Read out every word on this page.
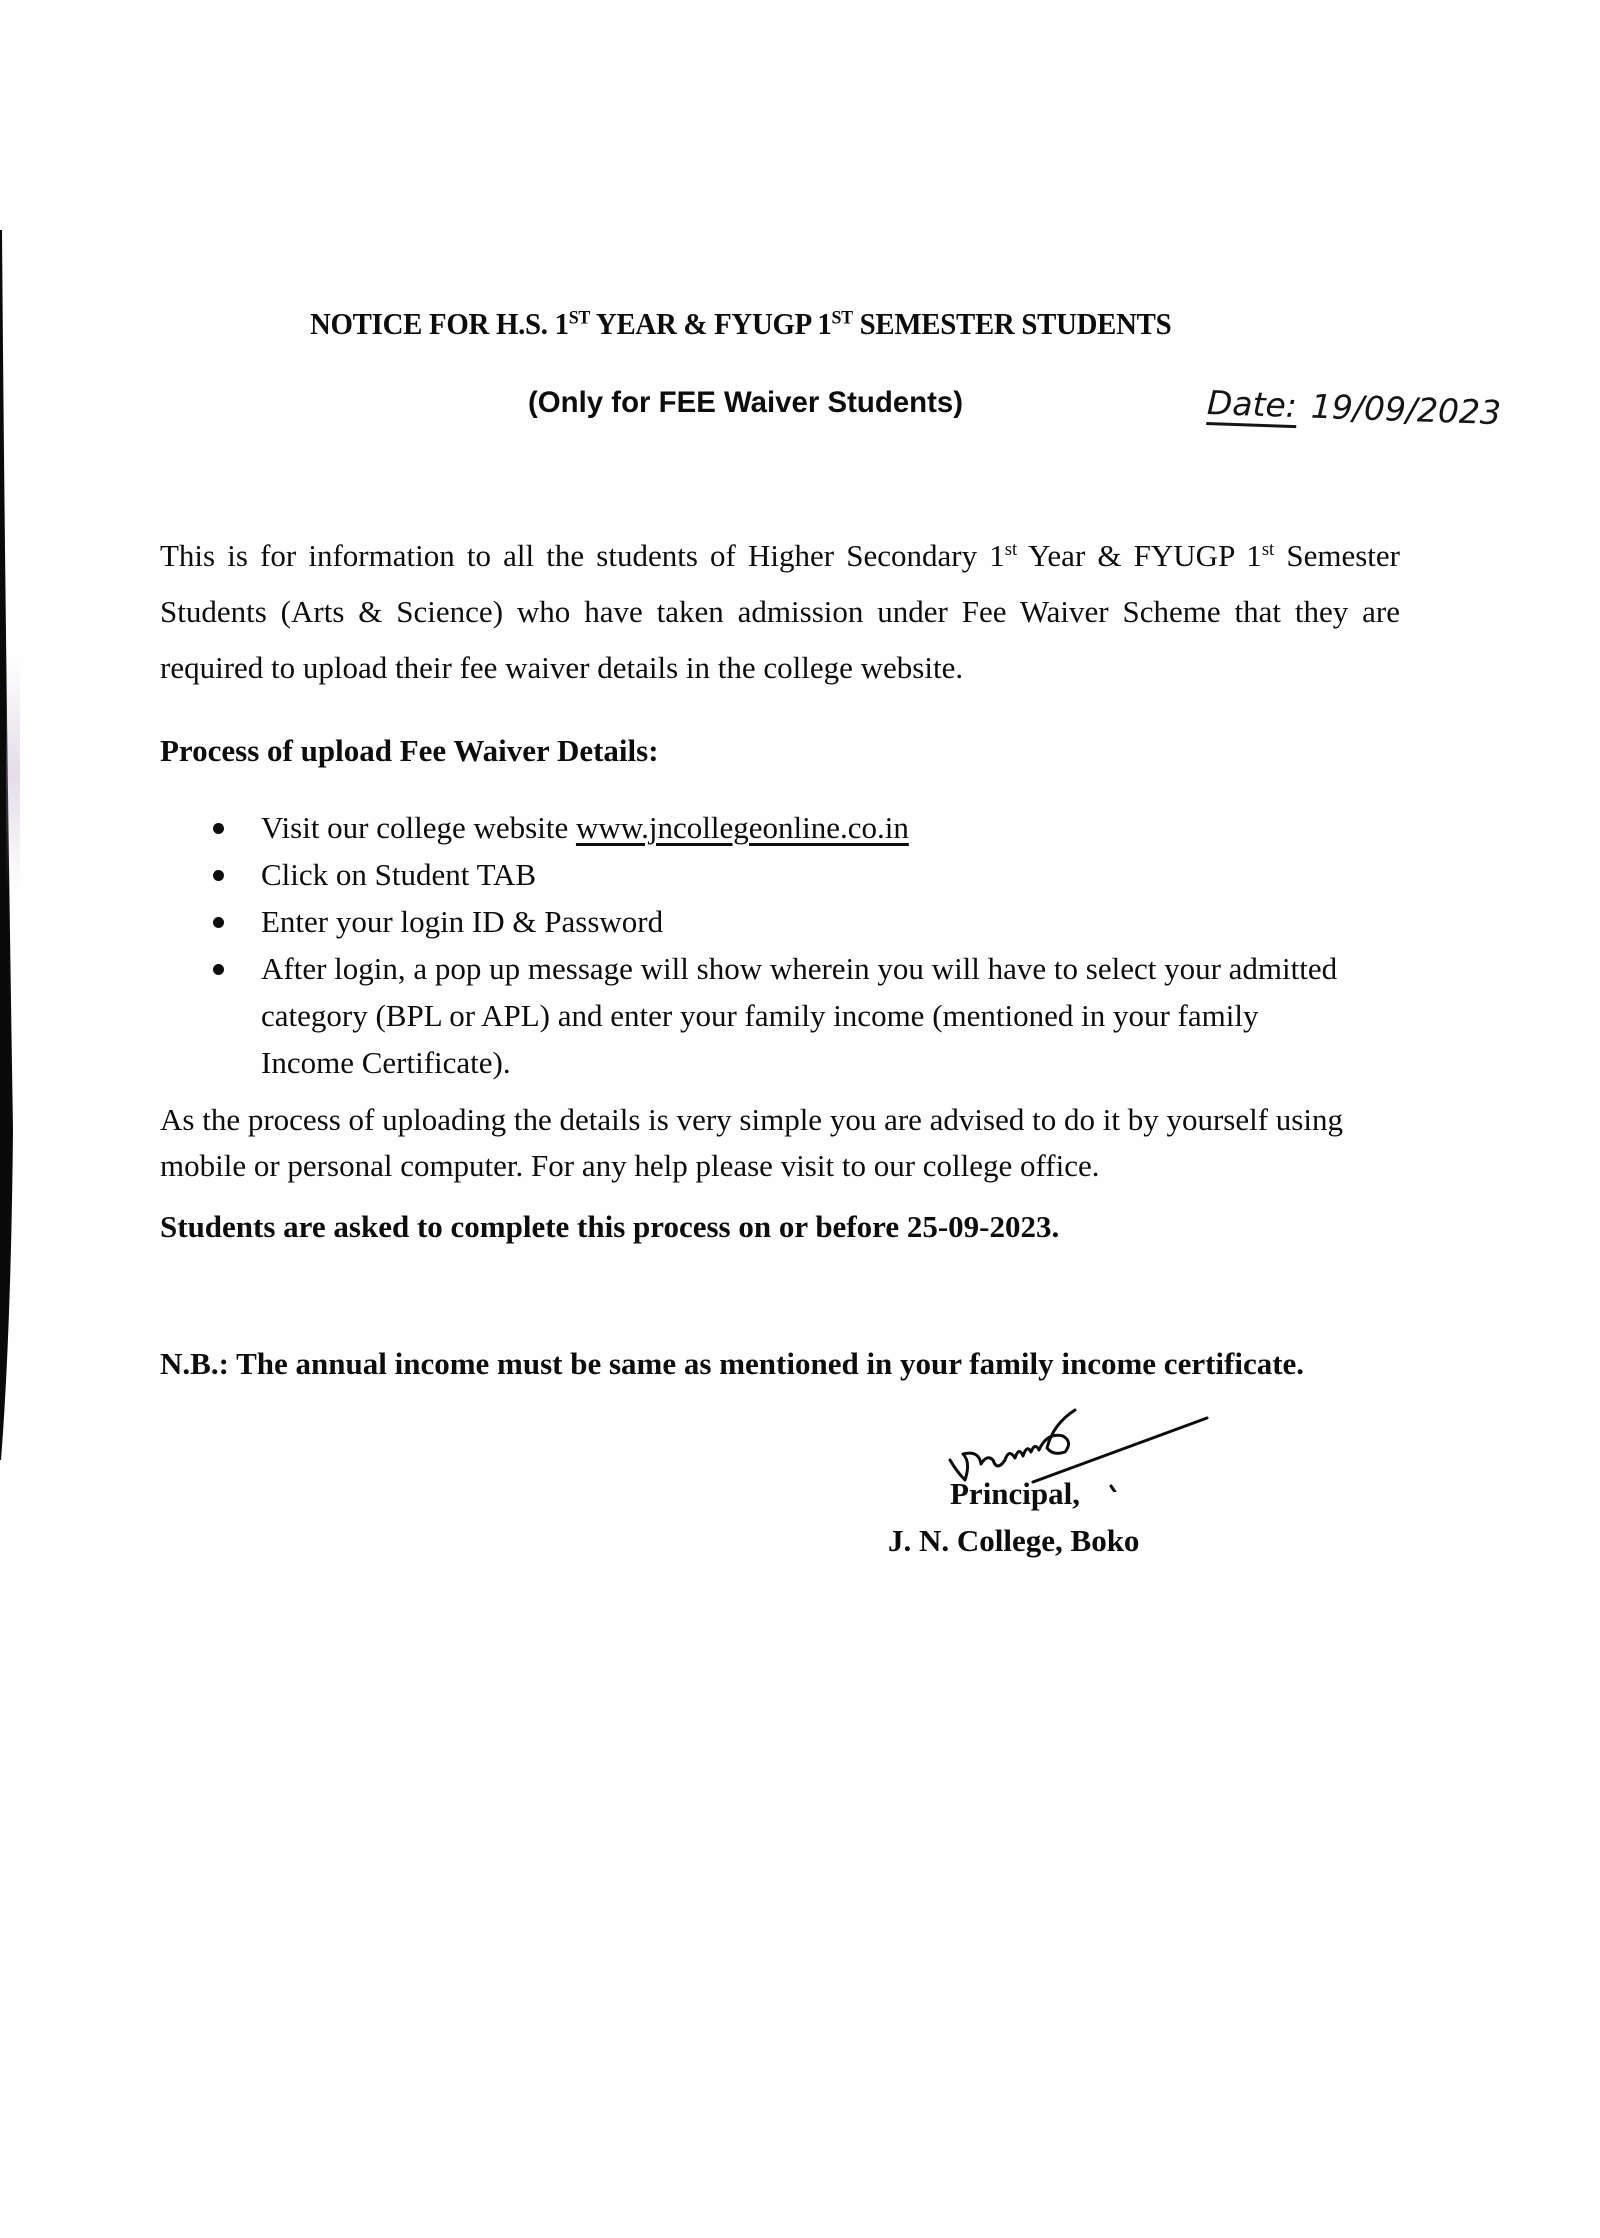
NOTICE FOR H.S. 1ST YEAR & FYUGP 1ST SEMESTER STUDENTS
(Only for FEE Waiver Students)	Date: 19/09/2023

This is for information to all the students of Higher Secondary 1st Year & FYUGP 1st Semester Students (Arts & Science) who have taken admission under Fee Waiver Scheme that they are required to upload their fee waiver details in the college website.

Process of upload Fee Waiver Details:

Visit our college website www.jncollegeonline.co.in
Click on Student TAB
Enter your login ID & Password
After login, a pop up message will show wherein you will have to select your admitted category (BPL or APL) and enter your family income (mentioned in your family Income Certificate).

As the process of uploading the details is very simple you are advised to do it by yourself using mobile or personal computer. For any help please visit to our college office.

Students are asked to complete this process on or before 25-09-2023.

N.B.: The annual income must be same as mentioned in your family income certificate.

Principal,

J. N. College, Boko
